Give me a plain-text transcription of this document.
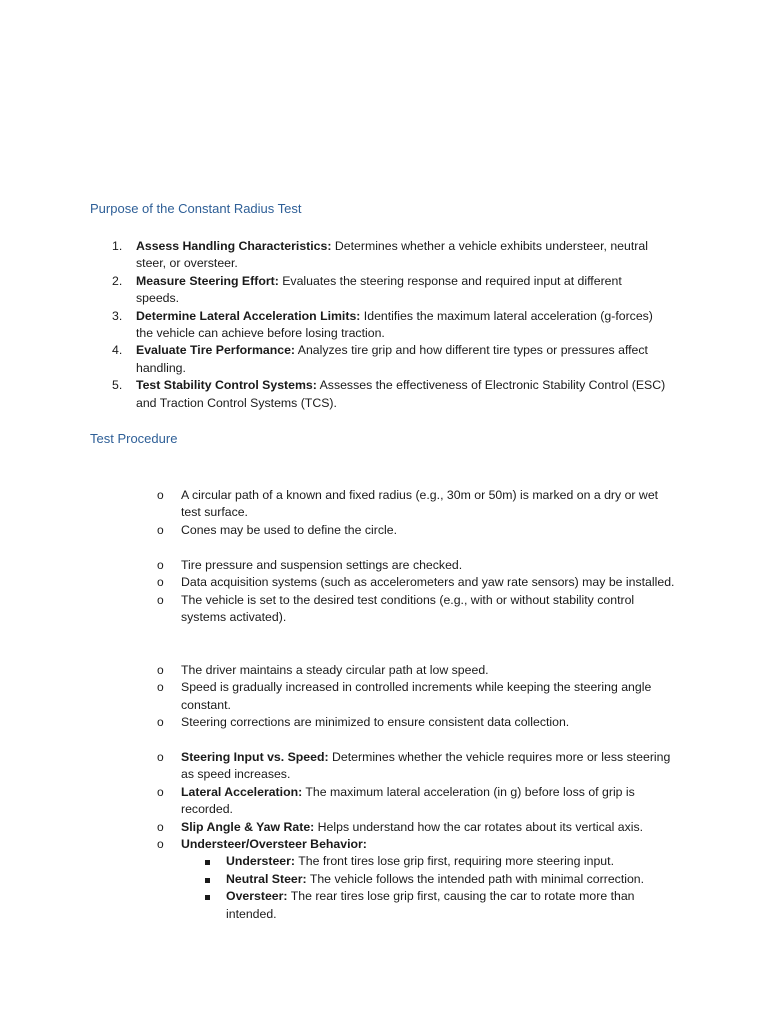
Purpose of the Constant Radius Test
1. Assess Handling Characteristics: Determines whether a vehicle exhibits understeer, neutral steer, or oversteer.
2. Measure Steering Effort: Evaluates the steering response and required input at different speeds.
3. Determine Lateral Acceleration Limits: Identifies the maximum lateral acceleration (g-forces) the vehicle can achieve before losing traction.
4. Evaluate Tire Performance: Analyzes tire grip and how different tire types or pressures affect handling.
5. Test Stability Control Systems: Assesses the effectiveness of Electronic Stability Control (ESC) and Traction Control Systems (TCS).
Test Procedure
o A circular path of a known and fixed radius (e.g., 30m or 50m) is marked on a dry or wet test surface.
o Cones may be used to define the circle.
o Tire pressure and suspension settings are checked.
o Data acquisition systems (such as accelerometers and yaw rate sensors) may be installed.
o The vehicle is set to the desired test conditions (e.g., with or without stability control systems activated).
o The driver maintains a steady circular path at low speed.
o Speed is gradually increased in controlled increments while keeping the steering angle constant.
o Steering corrections are minimized to ensure consistent data collection.
o Steering Input vs. Speed: Determines whether the vehicle requires more or less steering as speed increases.
o Lateral Acceleration: The maximum lateral acceleration (in g) before loss of grip is recorded.
o Slip Angle & Yaw Rate: Helps understand how the car rotates about its vertical axis.
o Understeer/Oversteer Behavior:
Understeer: The front tires lose grip first, requiring more steering input.
Neutral Steer: The vehicle follows the intended path with minimal correction.
Oversteer: The rear tires lose grip first, causing the car to rotate more than intended.
